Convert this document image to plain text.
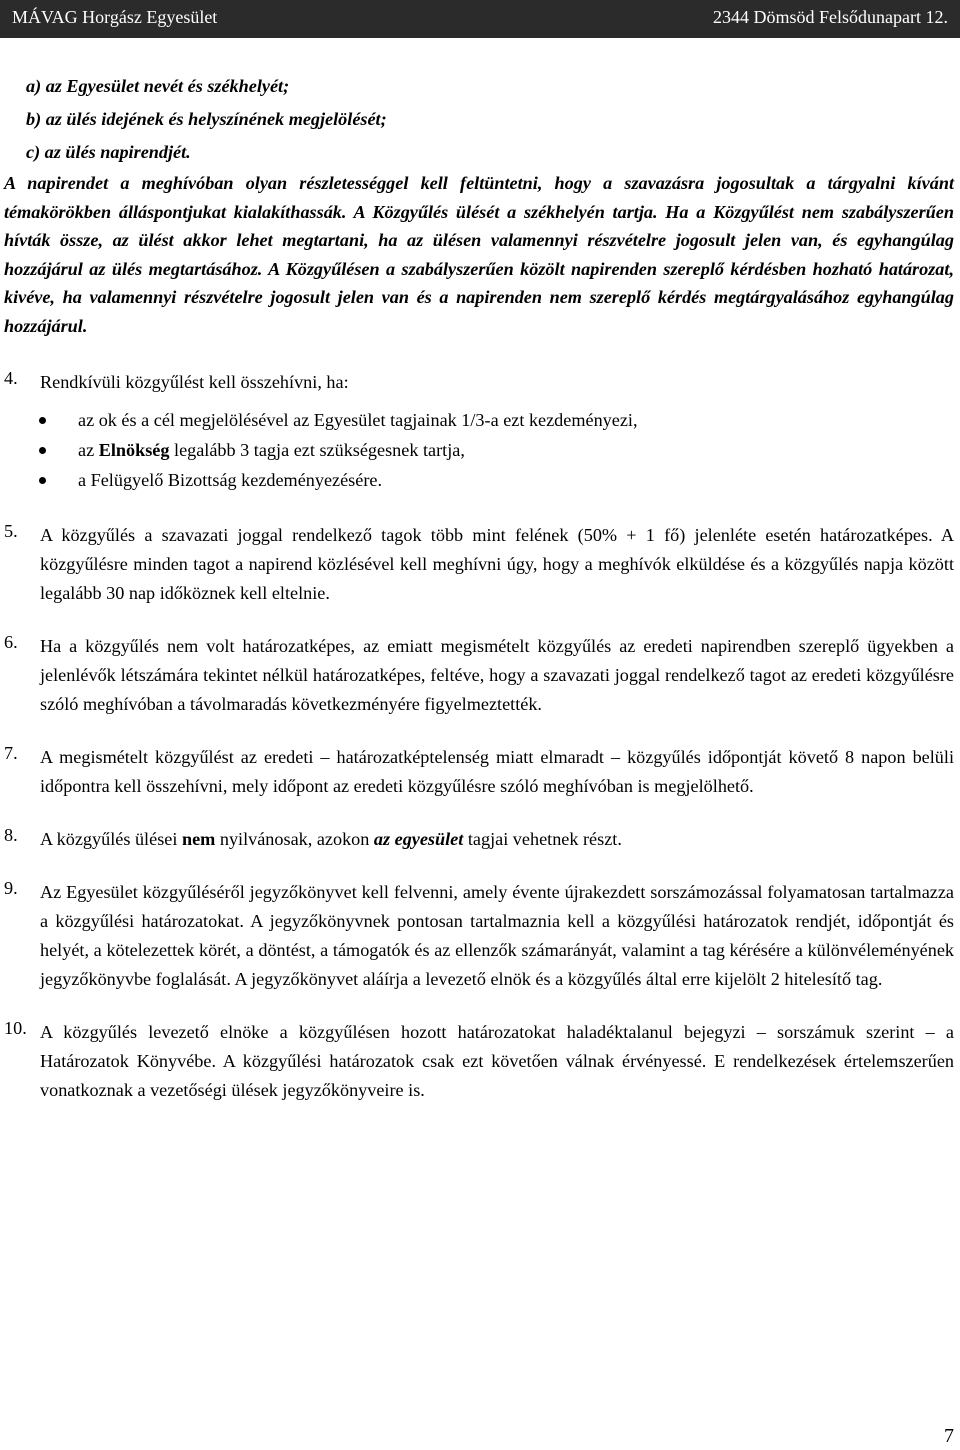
MÁVAG Horgász Egyesület	2344 Dömsöd Felsődunapart 12.
a) az Egyesület nevét és székhelyét;
b) az ülés idejének és helyszínének megjelölését;
c) az ülés napirendjét.

A napirendet a meghívóban olyan részletességgel kell feltüntetni, hogy a szavazásra jogosultak a tárgyalni kívánt témakörökben álláspontjukat kialakíthassák. A Közgyűlés ülését a székhelyén tartja. Ha a Közgyűlést nem szabályszerűen hívták össze, az ülést akkor lehet megtartani, ha az ülésen valamennyi részvételre jogosult jelen van, és egyhangúlag hozzájárul az ülés megtartásához. A Közgyűlésen a szabályszerűen közölt napirenden szereplő kérdésben hozható határozat, kivéve, ha valamennyi részvételre jogosult jelen van és a napirenden nem szereplő kérdés megtárgyalásához egyhangúlag hozzájárul.

4.	Rendkívüli közgyűlést kell összehívni, ha:
az ok és a cél megjelölésével az Egyesület tagjainak 1/3-a ezt kezdeményezi,
az Elnökség legalább 3 tagja ezt szükségesnek tartja,
a Felügyelő Bizottság kezdeményezésére.
5.	A közgyűlés a szavazati joggal rendelkező tagok több mint felének (50% + 1 fő) jelenléte esetén határozatképes. A közgyűlésre minden tagot a napirend közlésével kell meghívni úgy, hogy a meghívók elküldése és a közgyűlés napja között legalább 30 nap időköznek kell eltelnie.
6.	Ha a közgyűlés nem volt határozatképes, az emiatt megismételt közgyűlés az eredeti napirendben szereplő ügyekben a jelenlévők létszámára tekintet nélkül határozatképes, feltéve, hogy a szavazati joggal rendelkező tagot az eredeti közgyűlésre szóló meghívóban a távolmaradás következményére figyelmeztették.
7.	A megismételt közgyűlést az eredeti – határozatképtelenség miatt elmaradt – közgyűlés időpontját követő 8 napon belüli időpontra kell összehívni, mely időpont az eredeti közgyűlésre szóló meghívóban is megjelölhető.
8.	A közgyűlés ülései nem nyilvánosak, azokon az egyesület tagjai vehetnek részt.
9.	Az Egyesület közgyűléséről jegyzőkönyvet kell felvenni, amely évente újrakezdett sorszámozással folyamatosan tartalmazza a közgyűlési határozatokat. A jegyzőkönyvnek pontosan tartalmaznia kell a közgyűlési határozatok rendjét, időpontját és helyét, a kötelezettek körét, a döntést, a támogatók és az ellenzők számarányát, valamint a tag kérésére a különvéleményének jegyzőkönyvbe foglalását. A jegyzőkönyvet aláírja a levezető elnök és a közgyűlés által erre kijelölt 2 hitelesítő tag.
10. A közgyűlés levezető elnöke a közgyűlésen hozott határozatokat haladéktalanul bejegyzi – sorszámuk szerint – a Határozatok Könyvébe. A közgyűlési határozatok csak ezt követően válnak érvényessé. E rendelkezések értelemszerűen vonatkoznak a vezetőségi ülések jegyzőkönyveire is.
7
